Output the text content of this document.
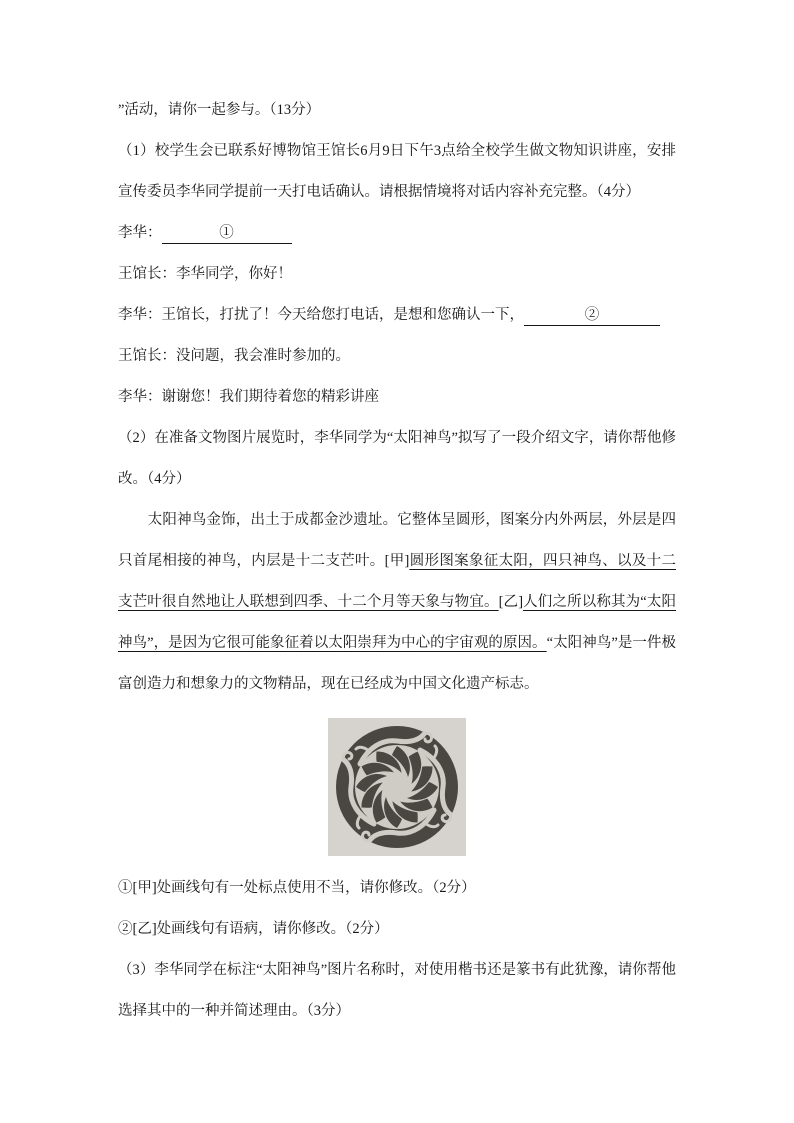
”活动，请你一起参与。（13分）

（1）校学生会已联系好博物馆王馆长6月9日下午3点给全校学生做文物知识讲座，安排宣传委员李华同学提前一天打电话确认。请根据情境将对话内容补充完整。（4分）

李华：	①

王馆长：李华同学，你好！

李华：王馆长，打扰了！今天给您打电话，是想和您确认一下，	②

王馆长：没问题，我会准时参加的。

李华：谢谢您！我们期待着您的精彩讲座

（2）在准备文物图片展览时，李华同学为“太阳神鸟”拟写了一段介绍文字，请你帮他修改。（4分）

太阳神鸟金饰，出土于成都金沙遗址。它整体呈圆形，图案分内外两层，外层是四只首尾相接的神鸟，内层是十二支芒叶。[甲]圆形图案象征太阳，四只神鸟、以及十二支芒叶很自然地让人联想到四季、十二个月等天象与物宜。[乙]人们之所以称其为“太阳神鸟”，是因为它很可能象征着以太阳崇拜为中心的宇宙观的原因。“太阳神鸟”是一件极富创造力和想象力的文物精品，现在已经成为中国文化遗产标志。

①[甲]处画线句有一处标点使用不当，请你修改。（2分）

②[乙]处画线句有语病，请你修改。（2分）

（3）李华同学在标注“太阳神鸟”图片名称时，对使用楷书还是篆书有此犹豫，请你帮他选择其中的一种并简述理由。（3分）
